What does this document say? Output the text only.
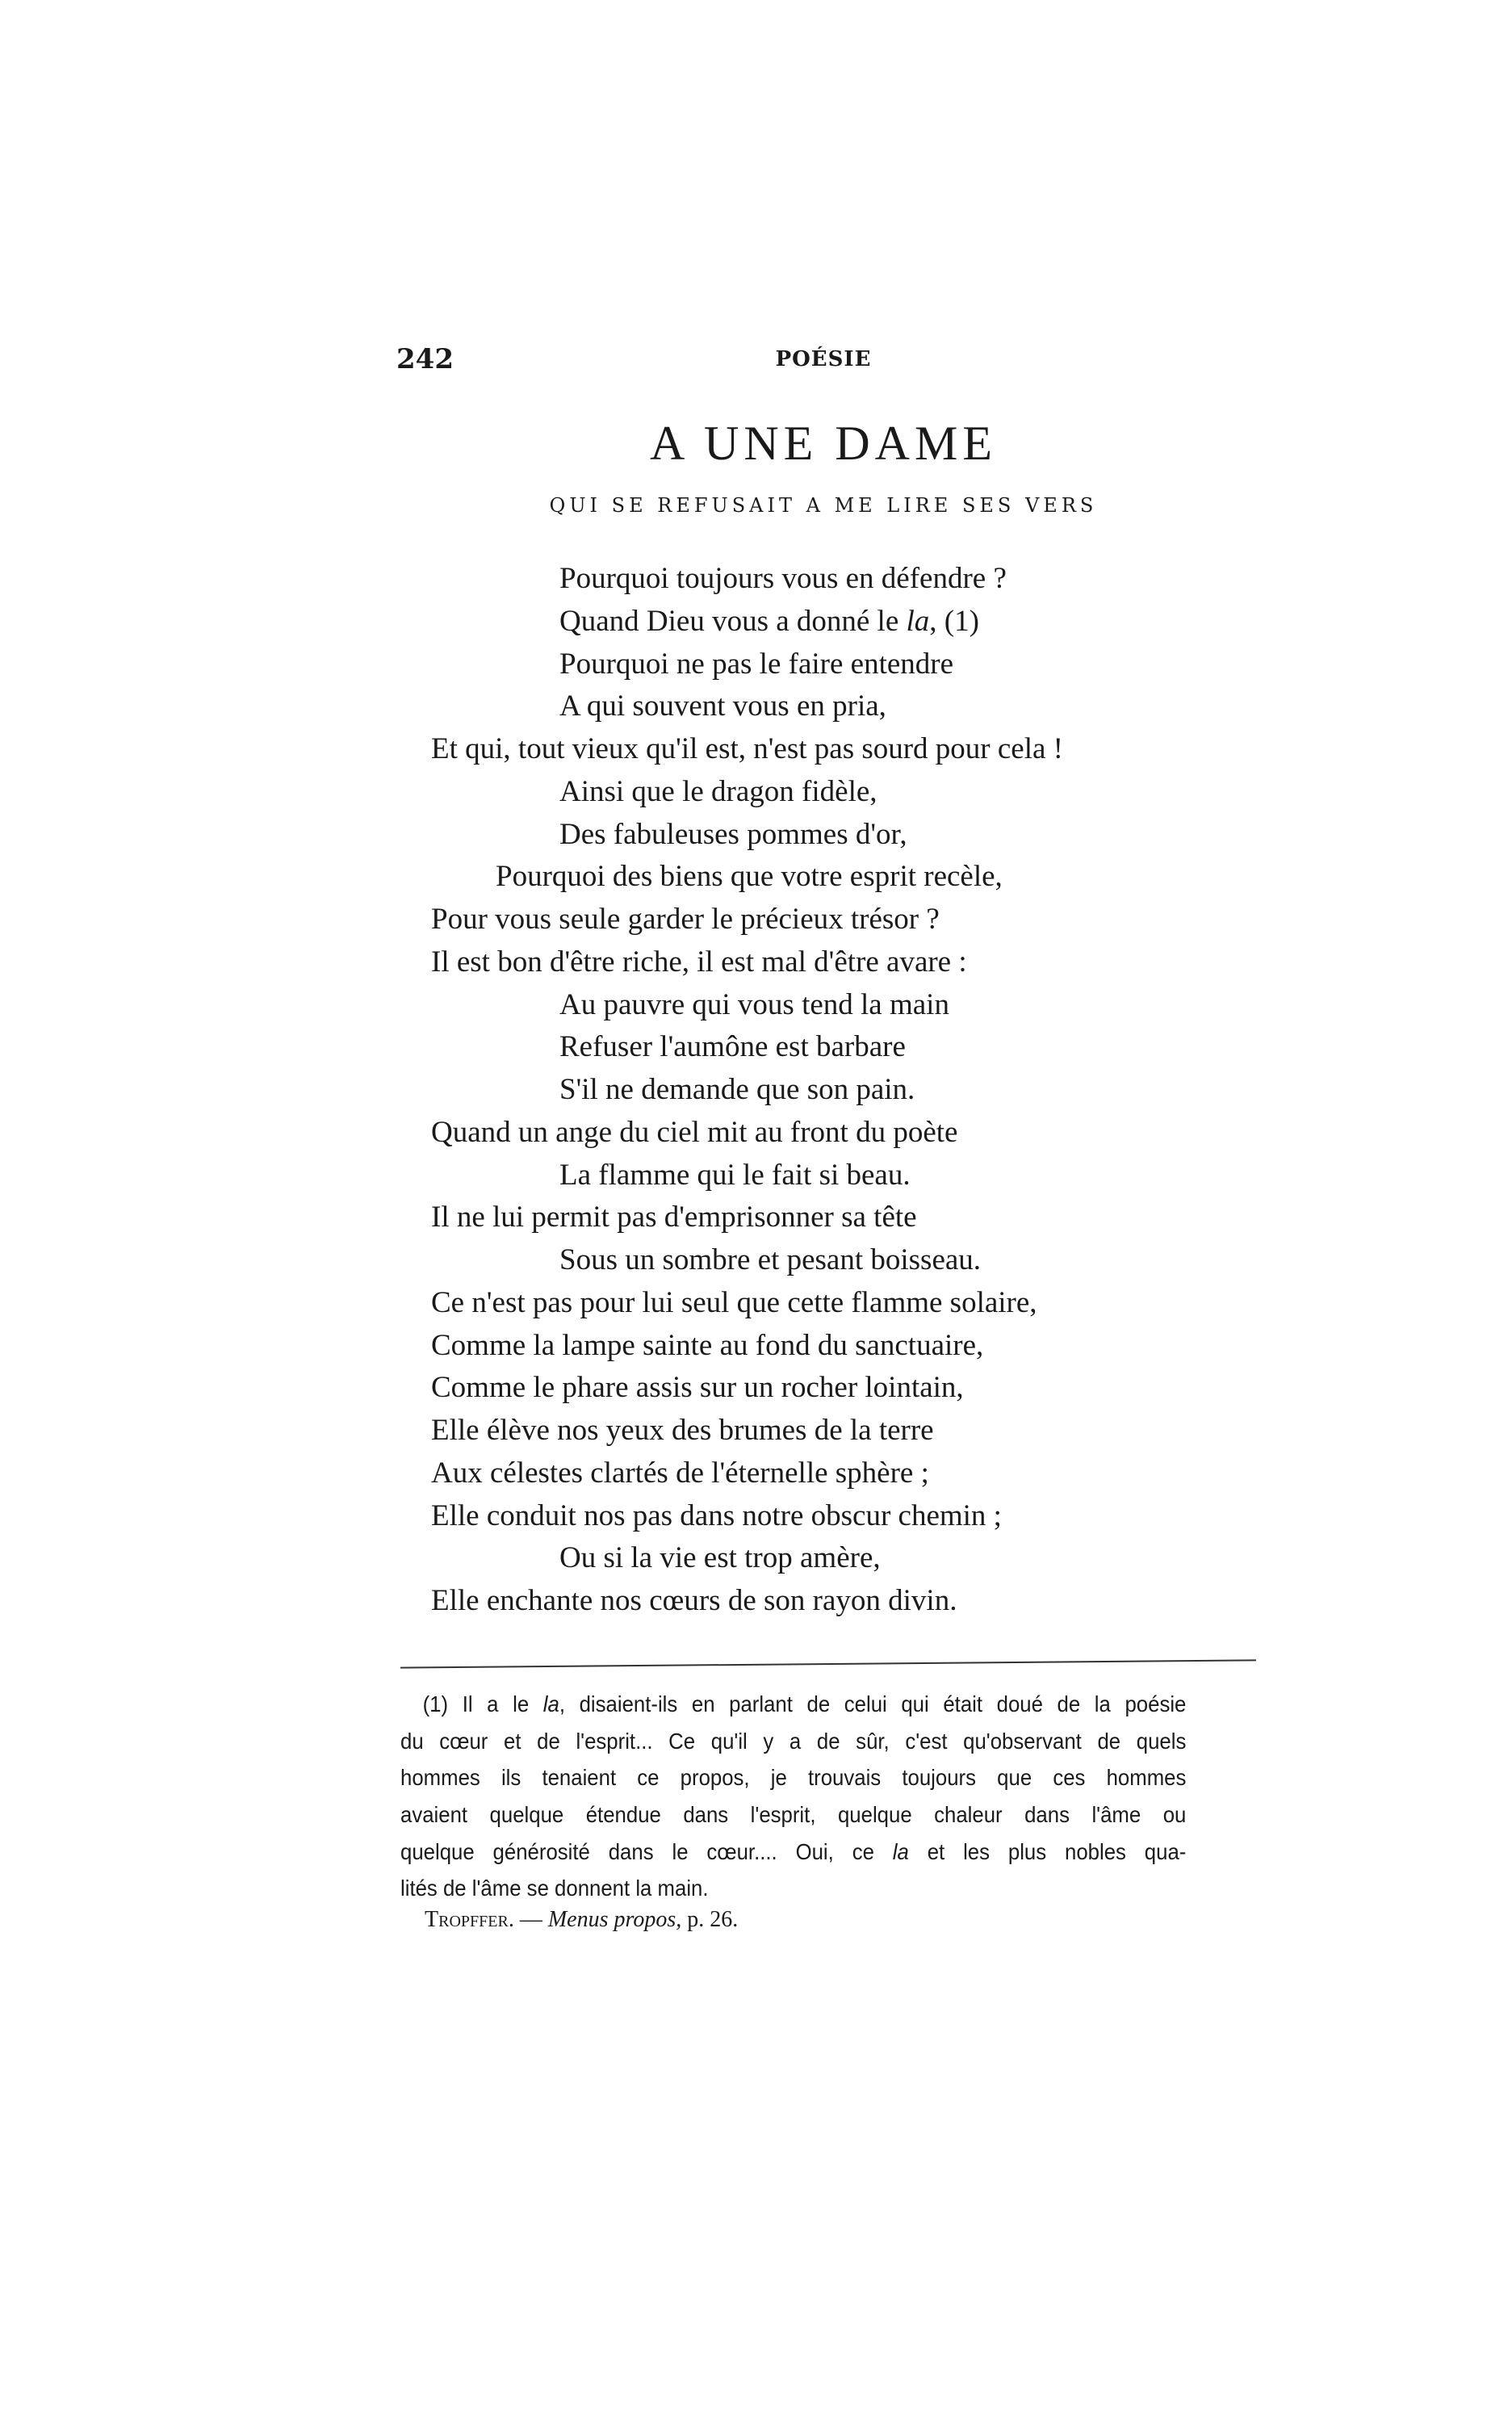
242	POÉSIE
A UNE DAME
QUI SE REFUSAIT A ME LIRE SES VERS
Pourquoi toujours vous en défendre ?
Quand Dieu vous a donné le la, (1)
Pourquoi ne pas le faire entendre
A qui souvent vous en pria,
Et qui, tout vieux qu'il est, n'est pas sourd pour cela !
Ainsi que le dragon fidèle,
Des fabuleuses pommes d'or,
Pourquoi des biens que votre esprit recèle,
Pour vous seule garder le précieux trésor ?
Il est bon d'être riche, il est mal d'être avare :
Au pauvre qui vous tend la main
Refuser l'aumône est barbare
S'il ne demande que son pain.
Quand un ange du ciel mit au front du poète
La flamme qui le fait si beau.
Il ne lui permit pas d'emprisonner sa tête
Sous un sombre et pesant boisseau.
Ce n'est pas pour lui seul que cette flamme solaire,
Comme la lampe sainte au fond du sanctuaire,
Comme le phare assis sur un rocher lointain,
Elle élève nos yeux des brumes de la terre
Aux célestes clartés de l'éternelle sphère ;
Elle conduit nos pas dans notre obscur chemin ;
Ou si la vie est trop amère,
Elle enchante nos cœurs de son rayon divin.
(1) Il a le la, disaient-ils en parlant de celui qui était doué de la poésie
du cœur et de l'esprit... Ce qu'il y a de sûr, c'est qu'observant de quels
hommes ils tenaient ce propos, je trouvais toujours que ces hommes
avaient quelque étendue dans l'esprit, quelque chaleur dans l'âme ou
quelque générosité dans le cœur.... Oui, ce la et les plus nobles qua-
lités de l'âme se donnent la main.
Tropffer. — Menus propos, p. 26.
